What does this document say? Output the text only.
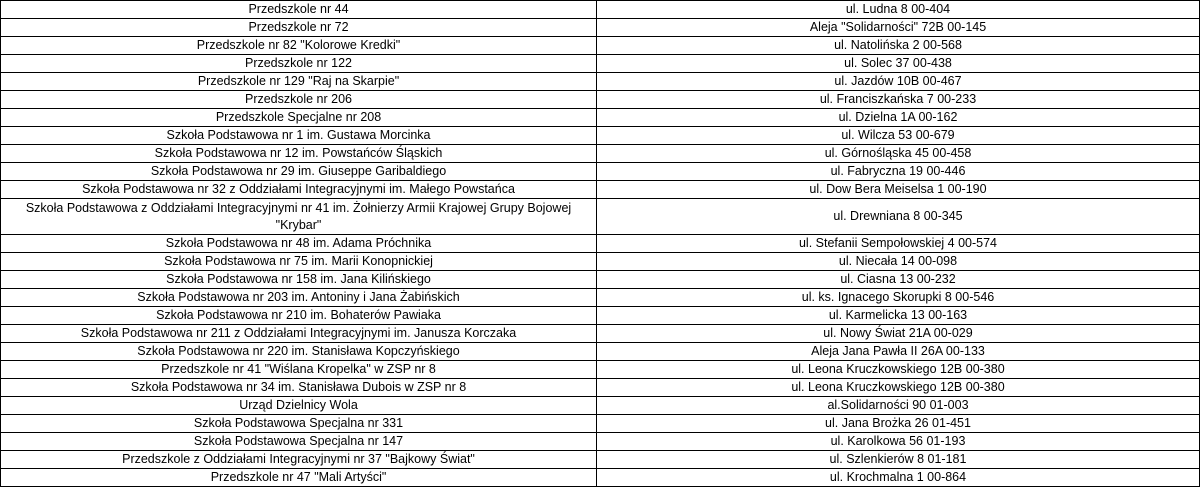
Przedszkole nr 44	ul. Ludna 8 00-404
Przedszkole nr 72	Aleja "Solidarności" 72B 00-145
Przedszkole nr 82 "Kolorowe Kredki"	ul. Natolińska 2 00-568
Przedszkole nr 122	ul. Solec 37 00-438
Przedszkole nr 129 "Raj na Skarpie"	ul. Jazdów 10B 00-467
Przedszkole nr 206	ul. Franciszkańska 7 00-233
Przedszkole Specjalne nr 208	ul. Dzielna 1A 00-162
Szkoła Podstawowa nr 1 im. Gustawa Morcinka	ul. Wilcza 53 00-679
Szkoła Podstawowa nr 12 im. Powstańców Śląskich	ul. Górnośląska 45 00-458
Szkoła Podstawowa nr 29 im. Giuseppe Garibaldiego	ul. Fabryczna 19 00-446
Szkoła Podstawowa nr 32 z Oddziałami Integracyjnymi im. Małego Powstańca	ul. Dow Bera Meiselsa 1 00-190
Szkoła Podstawowa z Oddziałami Integracyjnymi nr 41 im. Żołnierzy Armii Krajowej Grupy Bojowej "Krybar"	ul. Drewniana 8 00-345
Szkoła Podstawowa nr 48 im. Adama Próchnika	ul. Stefanii Sempołowskiej 4 00-574
Szkoła Podstawowa nr 75 im. Marii Konopnickiej	ul. Niecała 14 00-098
Szkoła Podstawowa nr 158 im. Jana Kilińskiego	ul. Ciasna 13 00-232
Szkoła Podstawowa nr 203 im. Antoniny i Jana Żabińskich	ul. ks. Ignacego Skorupki 8 00-546
Szkoła Podstawowa nr 210 im. Bohaterów Pawiaka	ul. Karmelicka 13 00-163
Szkoła Podstawowa nr 211 z Oddziałami Integracyjnymi im. Janusza Korczaka	ul. Nowy Świat 21A 00-029
Szkoła Podstawowa nr 220 im. Stanisława Kopczyńskiego	Aleja Jana Pawła II 26A 00-133
Przedszkole nr 41 "Wiślana Kropelka" w ZSP nr 8	ul. Leona Kruczkowskiego 12B 00-380
Szkoła Podstawowa nr 34 im. Stanisława Dubois w ZSP nr 8	ul. Leona Kruczkowskiego 12B 00-380
Urząd Dzielnicy Wola	al.Solidarności 90 01-003
Szkoła Podstawowa Specjalna nr 331	ul. Jana Brożka 26 01-451
Szkoła Podstawowa Specjalna nr 147	ul. Karolkowa 56 01-193
Przedszkole z Oddziałami Integracyjnymi nr 37 "Bajkowy Świat"	ul. Szlenkierów 8 01-181
Przedszkole nr 47 "Mali Artyści"	ul. Krochmalna 1 00-864
